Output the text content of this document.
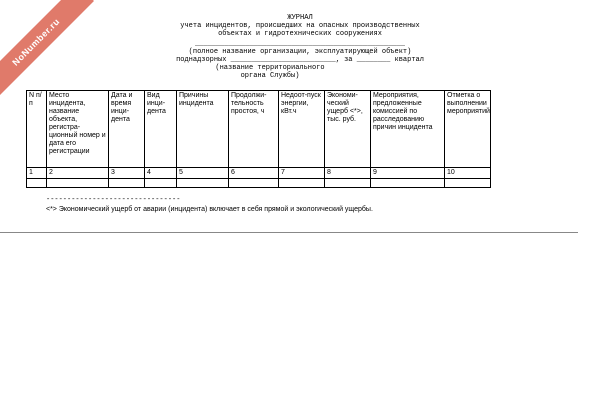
NoNumber.ru	ЖУРНАЛ
учета инцидентов, происшедших на опасных производственных
объектах и гидротехнических сооружениях
__________________________________________________
(полное название организации, эксплуатирующей объект)
поднадзорных _________________________, за ________ квартал
(название территориального
органа Службы)
N п/п	Место инцидента, название объекта, регистра-ционный номер и дата его регистрации	Дата и время инци-дента	Вид инци-дента	Причины инцидента	Продолжи-тельность простоя, ч	Недоот-пуск энергии, кВт.ч	Экономи-ческий ущерб <*>, тыс. руб.	Мероприятия, предложенные комиссией по расследованию причин инцидента	Отметка о выполнении мероприятий
1	2	3	4	5	6	7	8	9	10

--------------------------------
<*> Экономический ущерб от аварии (инцидента) включает в себя прямой и экологический ущербы.
